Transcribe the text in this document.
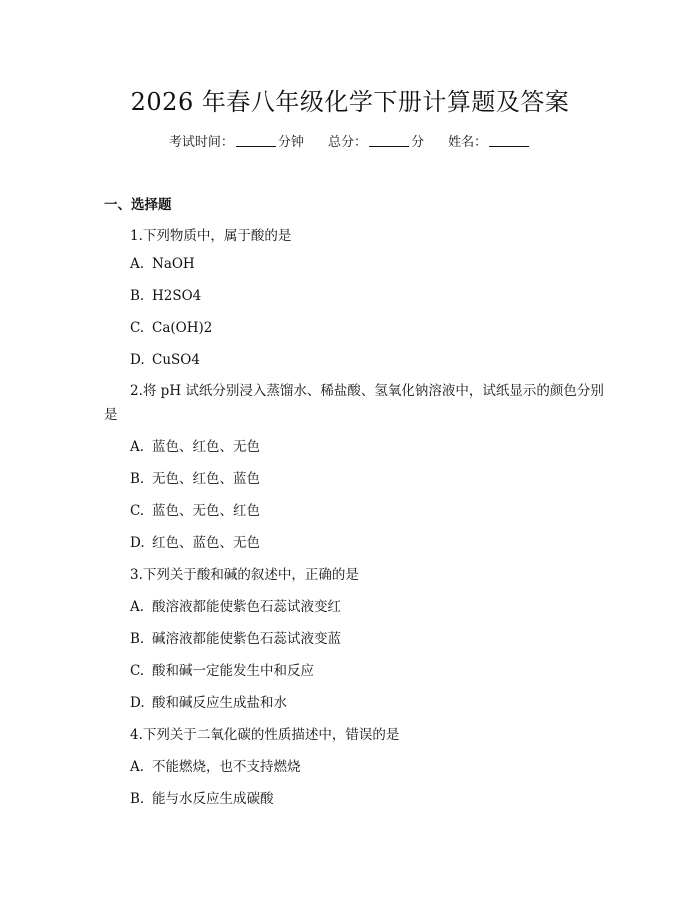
2026 年春八年级化学下册计算题及答案
考试时间：	分钟 总分：	分 姓名：
一、选择题
1.下列物质中，属于酸的是
A. NaOH
B. H2SO4
C. Ca(OH)2
D. CuSO4
2.将 pH 试纸分别浸入蒸馏水、稀盐酸、氢氧化钠溶液中，试纸显示的颜色分别是
A. 蓝色、红色、无色
B. 无色、红色、蓝色
C. 蓝色、无色、红色
D. 红色、蓝色、无色
3.下列关于酸和碱的叙述中，正确的是
A. 酸溶液都能使紫色石蕊试液变红
B. 碱溶液都能使紫色石蕊试液变蓝
C. 酸和碱一定能发生中和反应
D. 酸和碱反应生成盐和水
4.下列关于二氧化碳的性质描述中，错误的是
A. 不能燃烧，也不支持燃烧
B. 能与水反应生成碳酸
